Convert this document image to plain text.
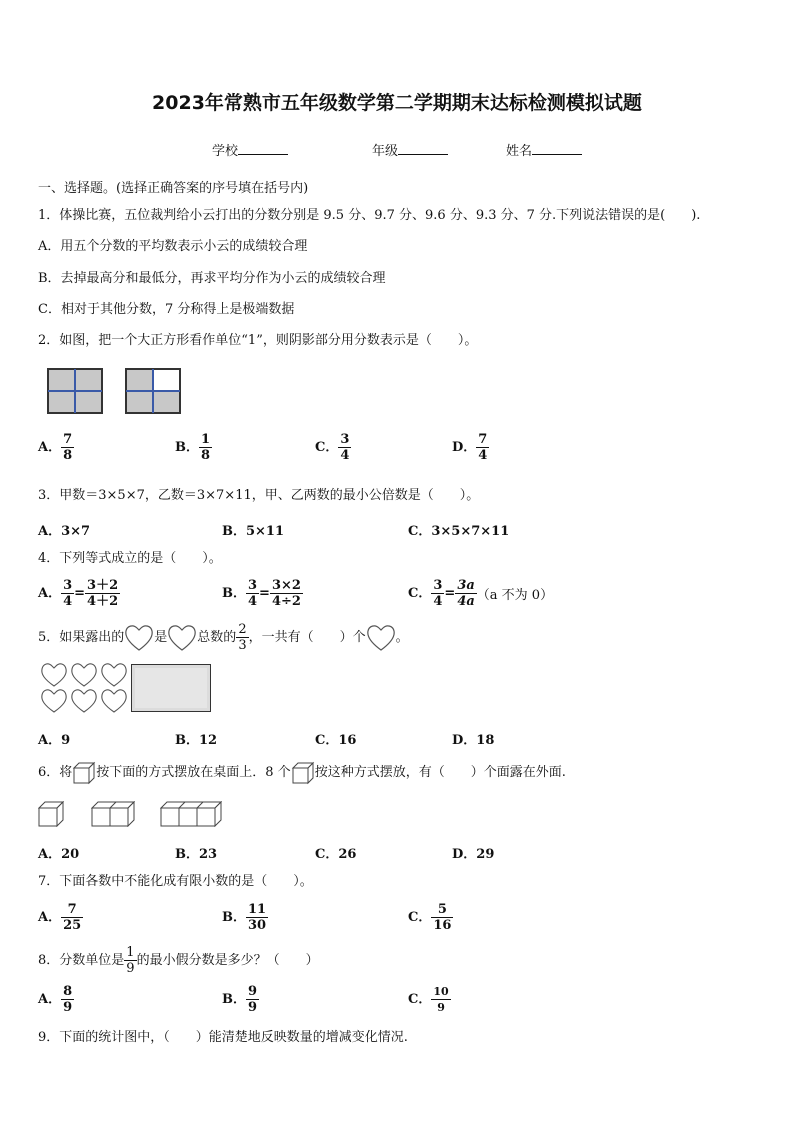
2023年常熟市五年级数学第二学期期末达标检测模拟试题
学校	年级	姓名
一、选择题。(选择正确答案的序号填在括号内)
1．体操比赛，五位裁判给小云打出的分数分别是 9.5 分、9.7 分、9.6 分、9.3 分、7 分.下列说法错误的是(　　).
A．用五个分数的平均数表示小云的成绩较合理
B．去掉最高分和最低分，再求平均分作为小云的成绩较合理
C．相对于其他分数，7 分称得上是极端数据
2．如图，把一个大正方形看作单位“1”，则阴影部分用分数表示是（　　）。
A． $\frac{7}{8}$	B． $\frac{1}{8}$	C． $\frac{3}{4}$	D． $\frac{7}{4}$
3．甲数＝3×5×7，乙数＝3×7×11，甲、乙两数的最小公倍数是（　　）。
A．3×7	B．5×11	C．3×5×7×11
4．下列等式成立的是（　　）。
A． $\frac{3}{4} = \frac{3+2}{4+2}$	B． $\frac{3}{4} = \frac{3\times 2}{4\div 2}$	C． $\frac{3}{4} = \frac{3a}{4a} (a$ 不为 0）
5．如果露出的 是 总数的 $\frac{2}{3}$ ，一共有（　　）个 。
A．9	B．12	C．16	D．18
6．将 按下面的方式摆放在桌面上．8 个 按这种方式摆放，有（　　）个面露在外面.
A．20	B．23	C．26	D．29
7．下面各数中不能化成有限小数的是（　　）。
A． $\frac{7}{25}$	B． $\frac{11}{30}$	C． $\frac{5}{16}$
8．分数单位是 $\frac{1}{9}$ 的最小假分数是多少？（　　）
A． $\frac{8}{9}$	B． $\frac{9}{9}$	C． $\frac{10}{9}$
9．下面的统计图中，（　　）能清楚地反映数量的增减变化情况.
